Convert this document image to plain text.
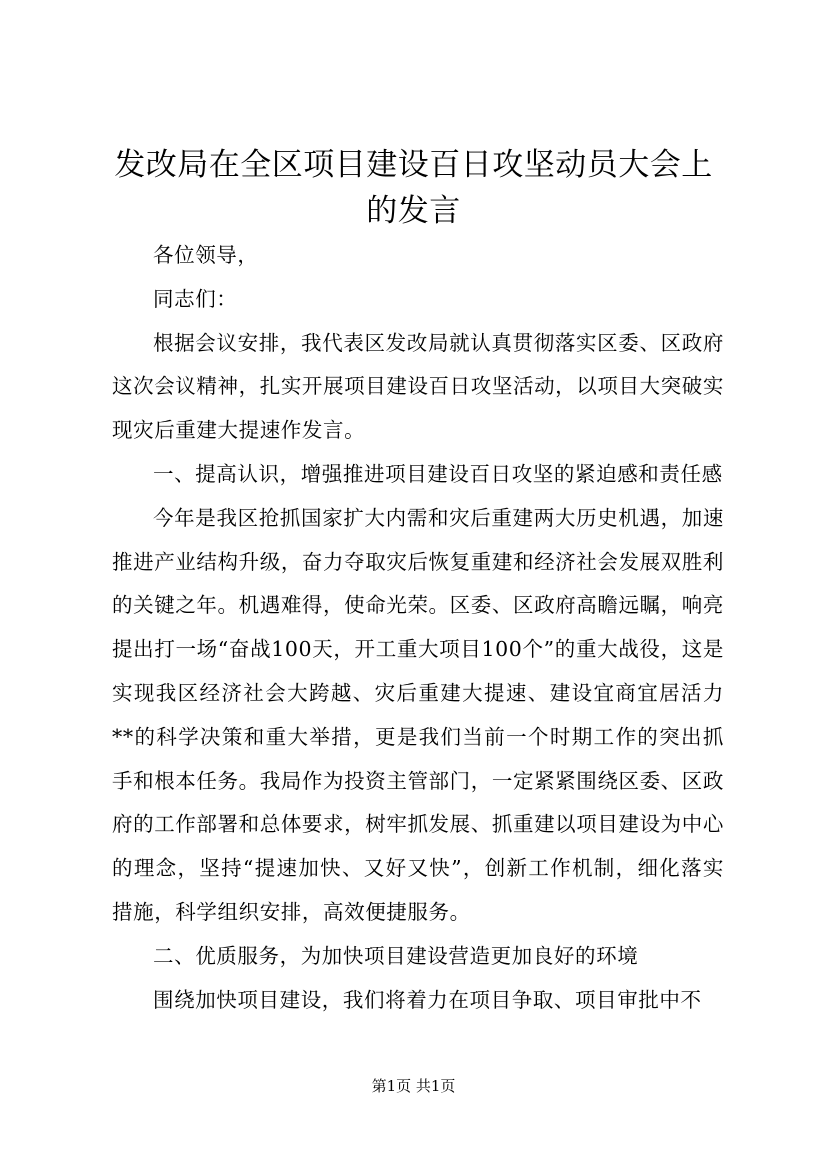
发改局在全区项目建设百日攻坚动员大会上的发言

各位领导，

同志们：

根据会议安排，我代表区发改局就认真贯彻落实区委、区政府这次会议精神，扎实开展项目建设百日攻坚活动，以项目大突破实现灾后重建大提速作发言。

一、提高认识，增强推进项目建设百日攻坚的紧迫感和责任感

今年是我区抢抓国家扩大内需和灾后重建两大历史机遇，加速推进产业结构升级，奋力夺取灾后恢复重建和经济社会发展双胜利的关键之年。机遇难得，使命光荣。区委、区政府高瞻远瞩，响亮提出打一场“奋战100天，开工重大项目100个”的重大战役，这是实现我区经济社会大跨越、灾后重建大提速、建设宜商宜居活力**的科学决策和重大举措，更是我们当前一个时期工作的突出抓手和根本任务。我局作为投资主管部门，一定紧紧围绕区委、区政府的工作部署和总体要求，树牢抓发展、抓重建以项目建设为中心的理念，坚持“提速加快、又好又快”，创新工作机制，细化落实措施，科学组织安排，高效便捷服务。

二、优质服务，为加快项目建设营造更加良好的环境

围绕加快项目建设，我们将着力在项目争取、项目审批中不

第1页 共1页
